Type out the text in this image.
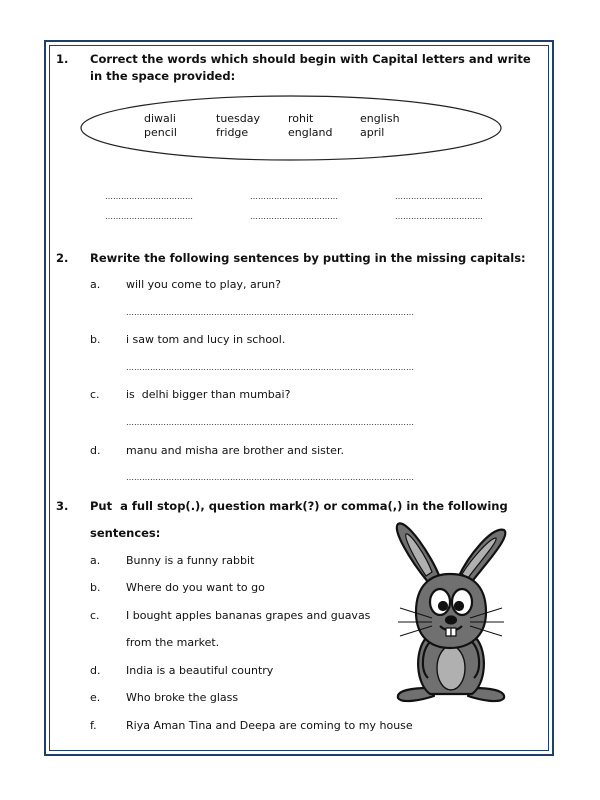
1. Correct the words which should begin with Capital letters and write in the space provided:
diwali	tuesday	rohit	english
pencil	fridge	england	april
……………………………	……………………………	……………………………
……………………………	……………………………	……………………………
2. Rewrite the following sentences by putting in the missing capitals:
a. will you come to play, arun?
………………………………………………………………………………………………
b. i saw tom and lucy in school.
………………………………………………………………………………………………
c. is  delhi bigger than mumbai?
………………………………………………………………………………………………
d. manu and misha are brother and sister.
………………………………………………………………………………………………
3. Put  a full stop(.), question mark(?) or comma(,) in the following
sentences:
a. Bunny is a funny rabbit
b. Where do you want to go
c. I bought apples bananas grapes and guavas
from the market.
d. India is a beautiful country
e. Who broke the glass
f.	Riya Aman Tina and Deepa are coming to my house
